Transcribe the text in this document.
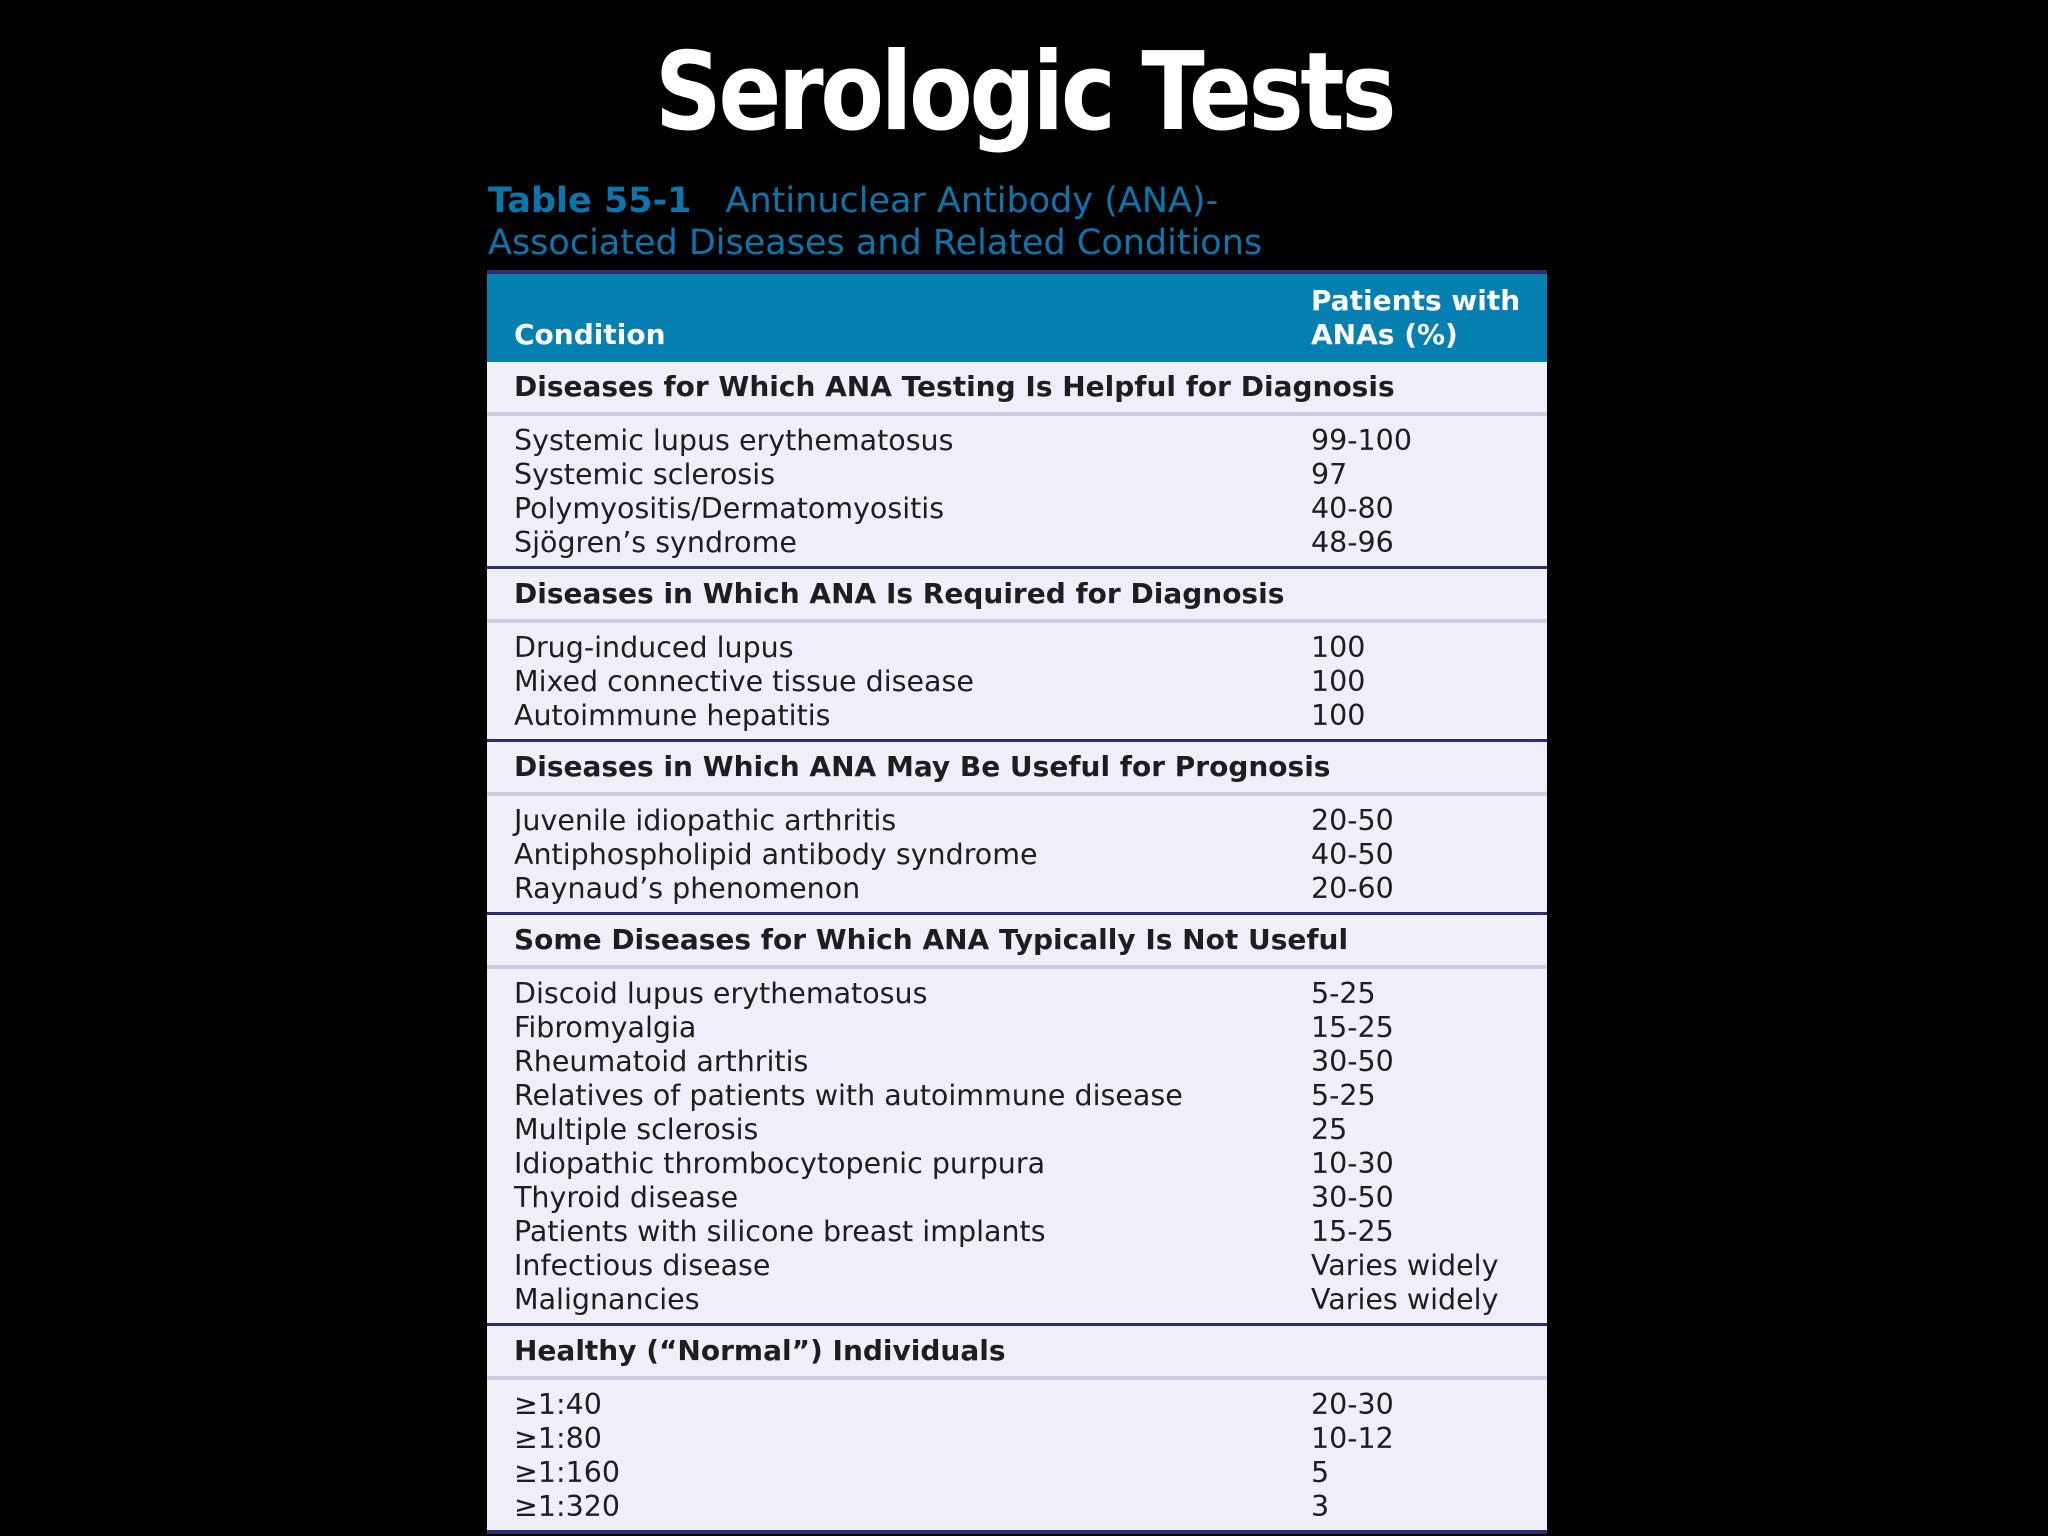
Serologic Tests
Table 55-1 Antinuclear Antibody (ANA)-
Associated Diseases and Related Conditions
Condition
Patients with
ANAs (%)
Diseases for Which ANA Testing Is Helpful for Diagnosis
Systemic lupus erythematosus	99-100
Systemic sclerosis	97
Polymyositis/Dermatomyositis	40-80
Sjögren’s syndrome	48-96
Diseases in Which ANA Is Required for Diagnosis
Drug-induced lupus	100
Mixed connective tissue disease	100
Autoimmune hepatitis	100
Diseases in Which ANA May Be Useful for Prognosis
Juvenile idiopathic arthritis	20-50
Antiphospholipid antibody syndrome	40-50
Raynaud’s phenomenon	20-60
Some Diseases for Which ANA Typically Is Not Useful
Discoid lupus erythematosus	5-25
Fibromyalgia	15-25
Rheumatoid arthritis	30-50
Relatives of patients with autoimmune disease	5-25
Multiple sclerosis	25
Idiopathic thrombocytopenic purpura	10-30
Thyroid disease	30-50
Patients with silicone breast implants	15-25
Infectious disease	Varies widely
Malignancies	Varies widely
Healthy (“Normal”) Individuals
≥1:40	20-30
≥1:80	10-12
≥1:160	5
≥1:320	3
